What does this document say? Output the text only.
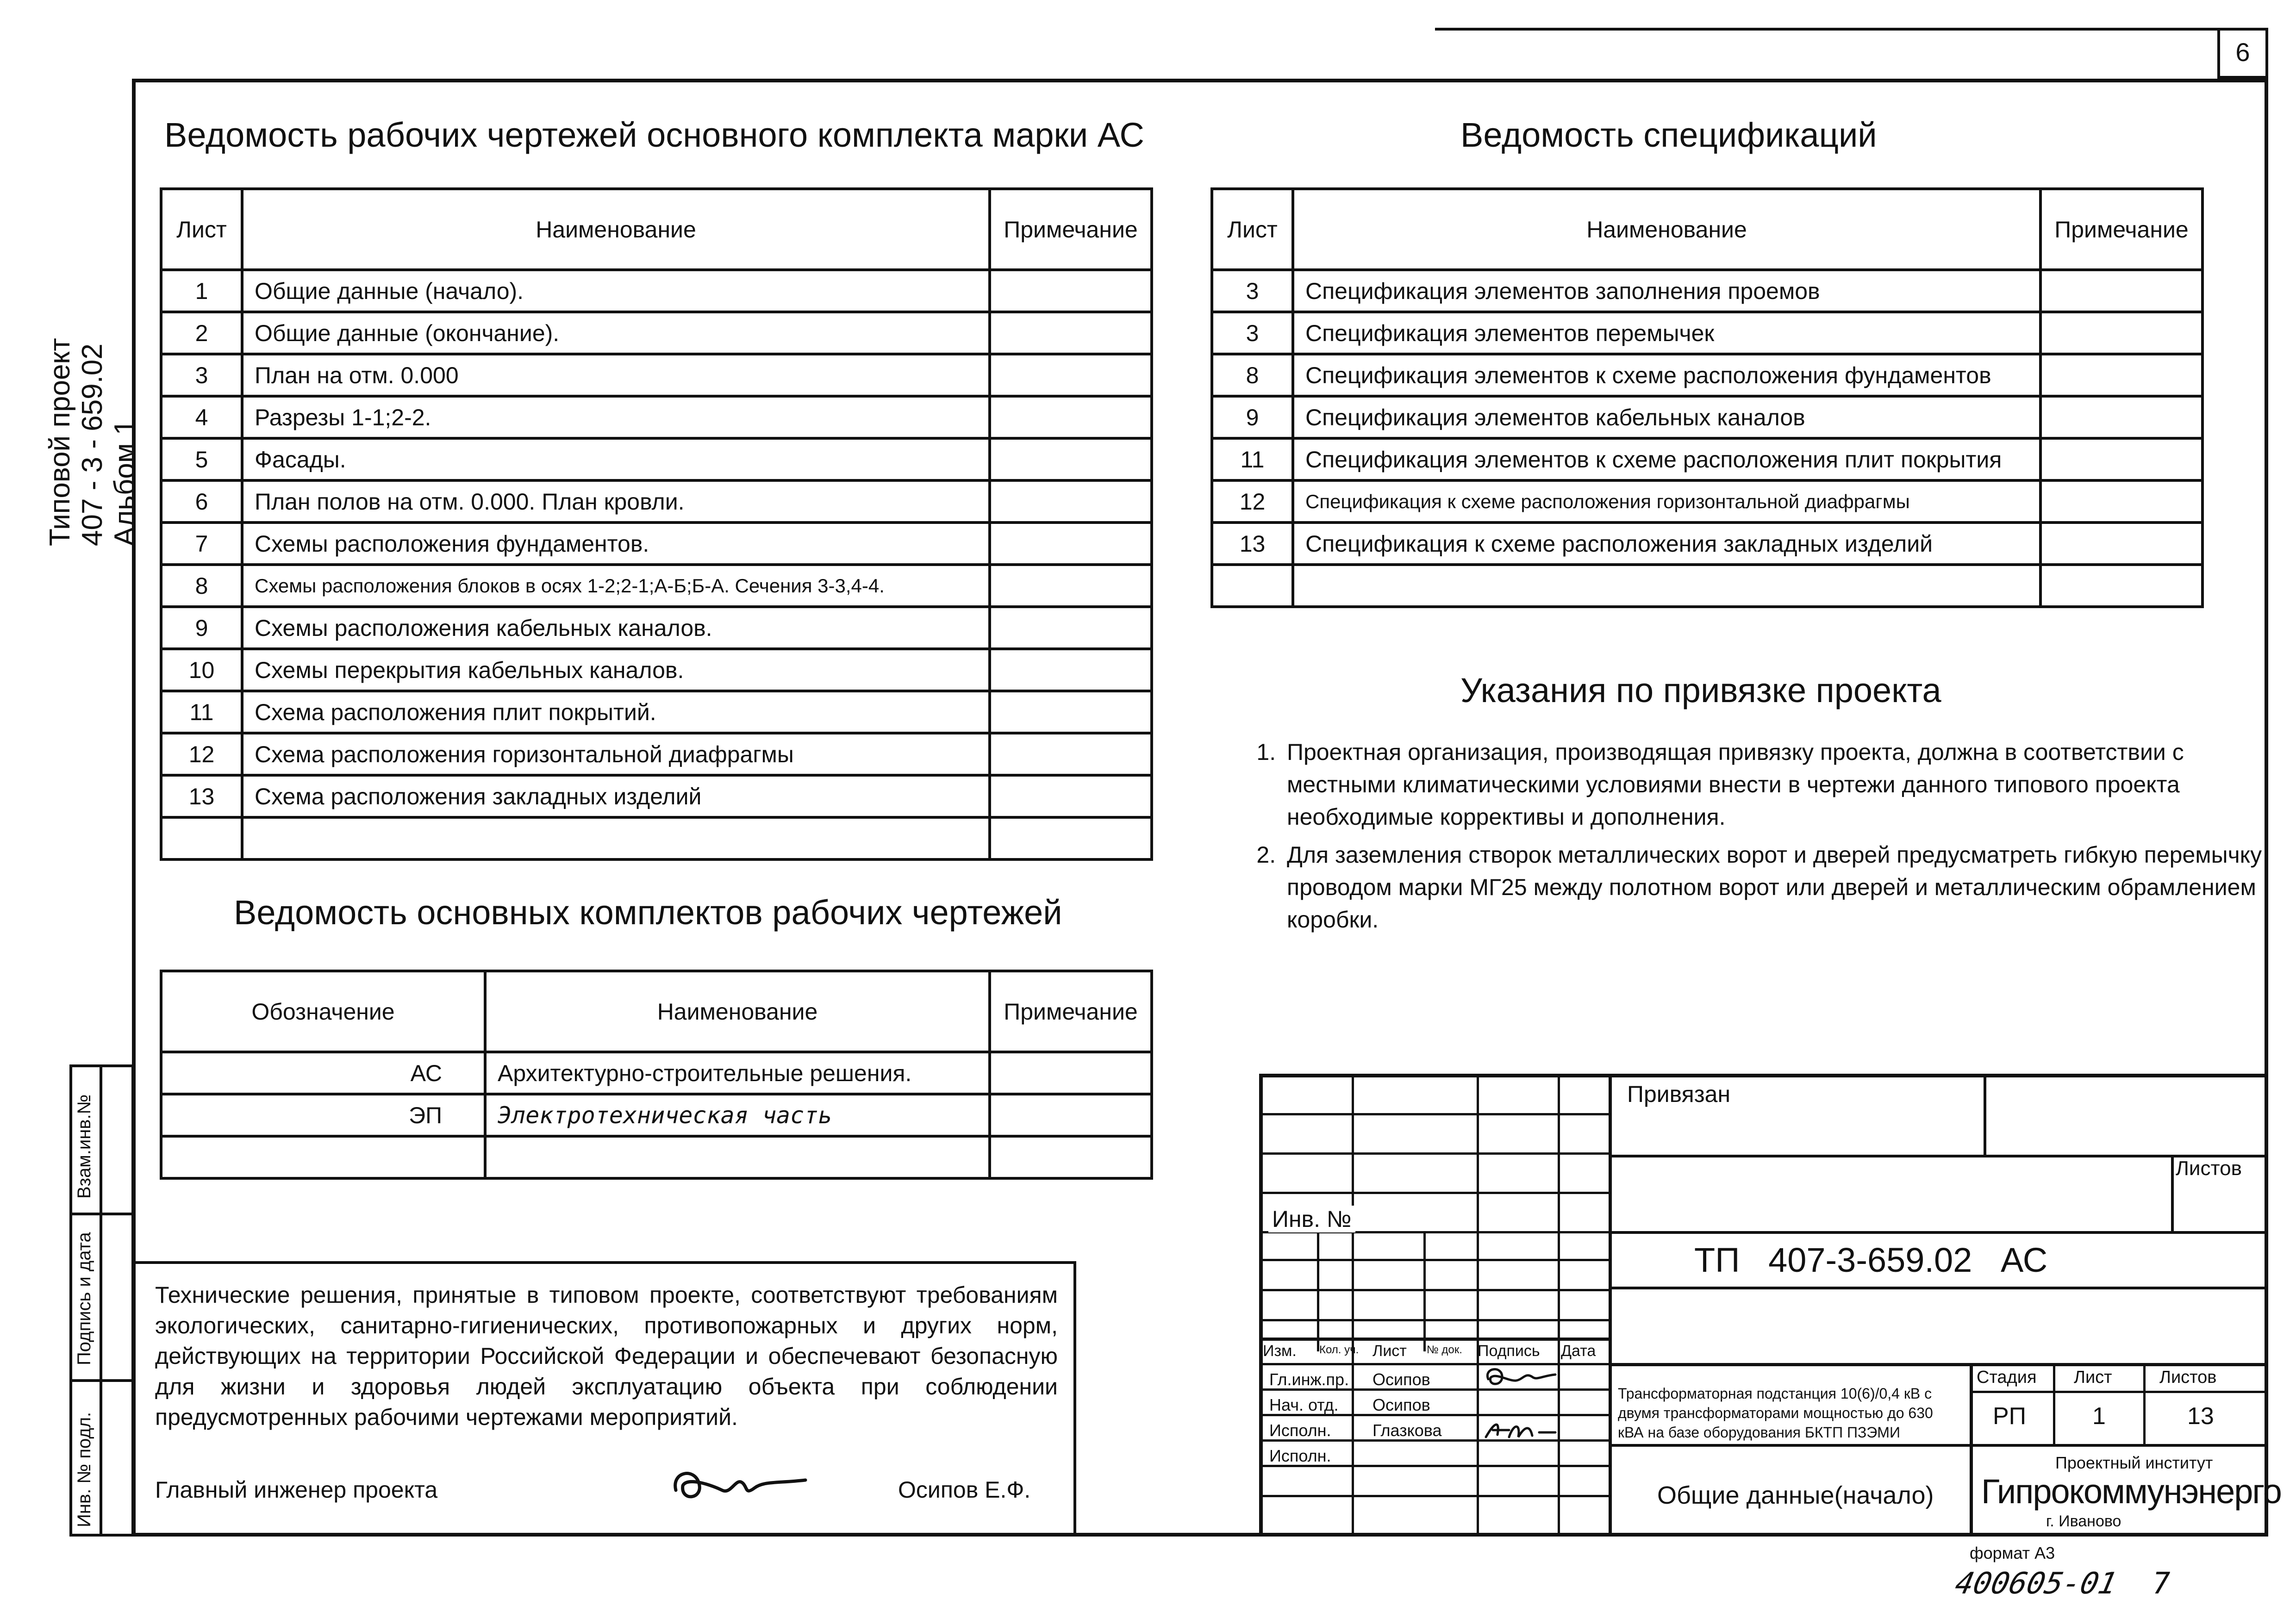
6
Типовой проект 407 - 3 - 659.02 Альбом 1
Взам.инв.№
Подпись и дата
Инв. № подл.
Ведомость рабочих чертежей основного комплекта марки АС
Лист	Наименование	Примечание
1	Общие данные (начало).	
2	Общие данные (окончание).	
3	План на отм. 0.000	
4	Разрезы 1-1;2-2.	
5	Фасады.	
6	План полов на отм. 0.000. План кровли.	
7	Схемы расположения фундаментов.	
8	Схемы расположения блоков в осях 1-2;2-1;А-Б;Б-А. Сечения 3-3,4-4.	
9	Схемы расположения кабельных каналов.	
10	Схемы перекрытия кабельных каналов.	
11	Схема расположения плит покрытий.	
12	Схема расположения горизонтальной диафрагмы	
13	Схема расположения закладных изделий	

Ведомость основных комплектов рабочих чертежей
Обозначение	Наименование	Примечание
АС	Архитектурно-строительные решения.	
ЭП	Электротехническая часть	

Ведомость спецификаций
Лист	Наименование	Примечание
3	Спецификация элементов заполнения проемов	
3	Спецификация элементов перемычек	
8	Спецификация элементов к схеме расположения фундаментов	
9	Спецификация элементов кабельных каналов	
11	Спецификация элементов к схеме расположения плит покрытия	
12	Спецификация к схеме расположения горизонтальной диафрагмы	
13	Спецификация к схеме расположения закладных изделий	

Указания по привязке проекта
1. Проектная организация, производящая привязку проекта, должна в соответствии с местными климатическими условиями внести в чертежи данного типового проекта необходимые коррективы и дополнения.
2. Для заземления створок металлических ворот и дверей предусматреть гибкую перемычку проводом марки МГ25 между полотном ворот или дверей и металлическим обрамлением коробки.
Технические решения, принятые в типовом проекте, соответствуют требованиям экологических, санитарно-гигиенических, противопожарных и других норм, действующих на территории Российской Федерации и обеспечевают безопасную для жизни и здоровья людей эксплуатацию объекта при соблюдении предусмотренных рабочими чертежами мероприятий.
Главный инженер проекта	Осипов Е.Ф.
Привязан
Листов
Инв. №
ТП   407-3-659.02   АС
Изм. Кол. уч. Лист № док. Подпись Дата
Гл.инж.пр. Осипов
Нач. отд. Осипов
Исполн. Глазкова
Исполн.
Трансформаторная подстанция 10(6)/0,4 кВ с двумя трансформаторами мощностью до 630 кВА на базе оборудования БКТП ПЗЭМИ
Стадия Лист	Листов
РП	1	13
Общие данные(начало)
Проектный институт
Гипрокоммунэнерго
г. Иваново
формат А3
400605-01 7
